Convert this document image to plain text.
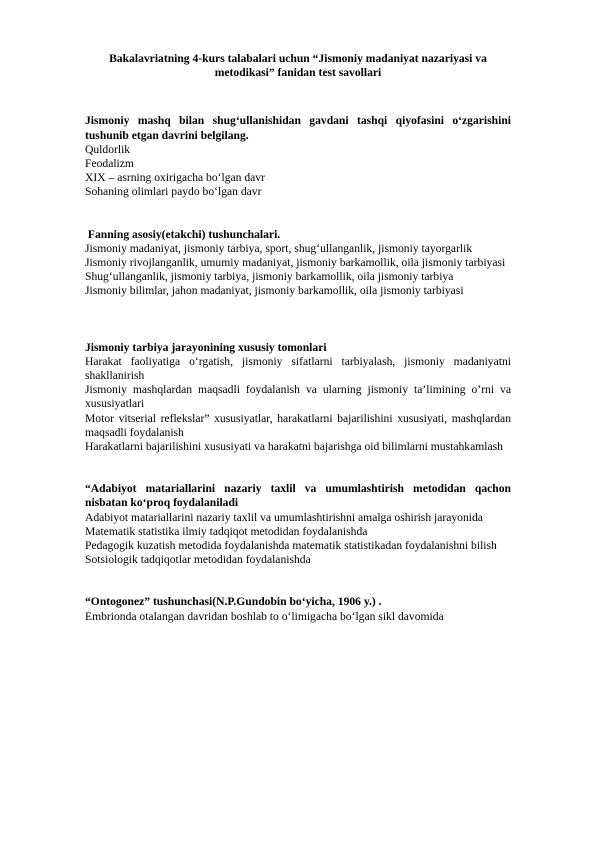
Bakalavriatning 4-kurs talabalari uchun “Jismoniy madaniyat nazariyasi va metodikasi” fanidan test savollari
Jismoniy mashq bilan shug‘ullanishidan gavdani tashqi qiyofasini o‘zgarishini tushunib etgan davrini belgilang.
Quldorlik
Feodalizm
XIX – asrning oxirigacha bo‘lgan davr
Sohaning olimlari paydo bo‘lgan davr
Fanning asosiy(etakchi) tushunchalari.
Jismoniy madaniyat, jismoniy tarbiya, sport, shug‘ullanganlik, jismoniy tayorgarlik
Jismoniy rivojlanganlik, umumiy madaniyat, jismoniy barkamollik, oila jismoniy tarbiyasi
Shug‘ullanganlik, jismoniy tarbiya, jismoniy barkamollik, oila jismoniy tarbiya
Jismoniy bilimlar, jahon madaniyat, jismoniy barkamollik, oila jismoniy tarbiyasi
Jismoniy tarbiya jarayonining xususiy tomonlari
Harakat faoliyatiga o‘rgatish, jismoniy sifatlarni tarbiyalash, jismoniy madaniyatni shakllanirish
Jismoniy mashqlardan maqsadli foydalanish va ularning jismoniy ta’limining o’rni va xususiyatlari
Motor vitserial reflekslar” xususiyatlar, harakatlarni bajarilishini xususiyati, mashqlardan maqsadli foydalanish
Harakatlarni bajarilishini xususiyati va harakatni bajarishga oid bilimlarni mustahkamlash
“Adabiyot matariallarini nazariy taxlil va umumlashtirish metodidan qachon nisbatan ko‘proq foydalaniladi
Adabiyot matariallarini nazariy taxlil va umumlashtirishni amalga oshirish jarayonida
Matematik statistika ilmiy tadqiqot metodidan foydalanishda
Pedagogik kuzatish metodida foydalanishda matematik statistikadan foydalanishni bilish
Sotsiologik tadqiqotlar metodidan foydalanishda
“Ontogonez” tushunchasi(N.P.Gundobin bo‘yicha, 1906 y.) .
Embrionda otalangan davridan boshlab to o‘limigacha bo‘lgan sikl davomida
